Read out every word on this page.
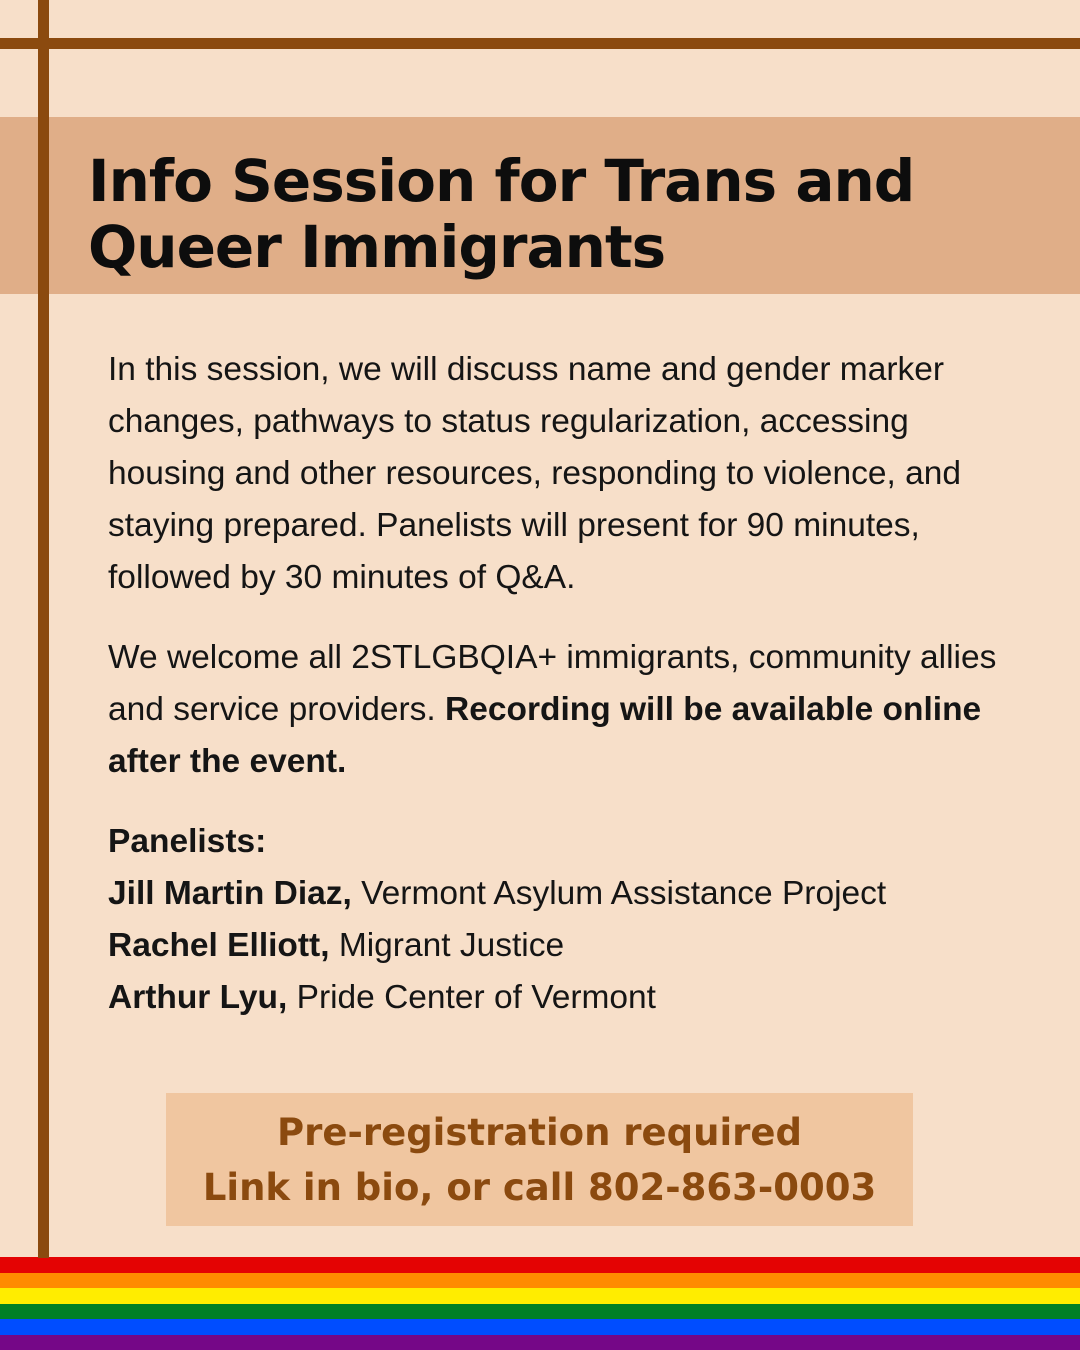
Info Session for Trans and
Queer Immigrants

In this session, we will discuss name and gender marker changes, pathways to status regularization, accessing housing and other resources, responding to violence, and staying prepared. Panelists will present for 90 minutes, followed by 30 minutes of Q&A.

We welcome all 2STLGBQIA+ immigrants, community allies and service providers. Recording will be available online after the event.

Panelists:
Jill Martin Diaz, Vermont Asylum Assistance Project
Rachel Elliott, Migrant Justice
Arthur Lyu, Pride Center of Vermont
Pre-registration required
Link in bio, or call 802-863-0003
